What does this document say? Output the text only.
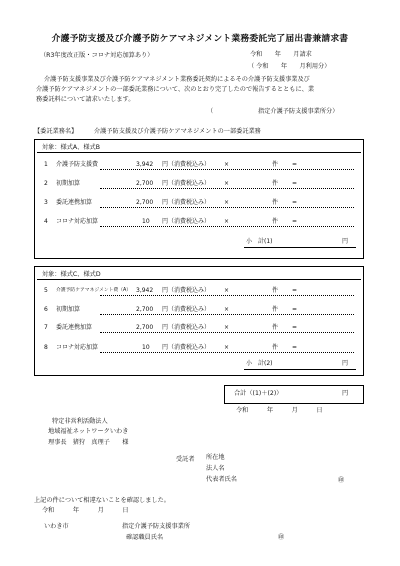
介護予防支援及び介護予防ケアマネジメント業務委託完了届出書兼請求書
（R3年度改正版・コロナ対応加算あり）	令和　　年　　月請求
（ 令和　　年　　月利用分）
介護予防支援事業及び介護予防ケアマネジメント業務委託契約によるその介護予防支援事業及び
介護予防ケアマネジメントの一部委託業務について、次のとおり完了したので報告するとともに、業
務委託料について請求いたします。
（	指定介護予防支援事業所分）
【委託業務名】	介護予防支援及び介護予防ケアマネジメントの一部委託業務
対象：様式A、様式B
1 介護予防支援費	3,942 円（消費税込み） ×	件 =
2 初期加算	2,700 円（消費税込み） ×	件 =
3 委託連携加算	2,700 円（消費税込み） ×	件 =
4 コロナ対応加算	10 円（消費税込み） ×	件 =
小　計(1)	円
対象：様式C、様式D
5 介護予防ケアマネジメント費（A） 3,942 円（消費税込み） ×	件 =
6 初期加算	2,700 円（消費税込み） ×	件 =
7 委託連携加算	2,700 円（消費税込み） ×	件 =
8 コロナ対応加算	10 円（消費税込み） ×	件 =
小　計(2)	円
合計（(1)＋(2)）	円
令和　　　年　　　月　　　日
特定非営利活動法人
地域福祉ネットワークいわき
理事長　猪狩　真理子　　様
受託者 所在地
法人名
代表者氏名	㊞
上記の件について相違ないことを確認しました。
令和　　　年　　　月　　　日
いわき市	指定介護予防支援事業所
確認職員氏名	㊞
